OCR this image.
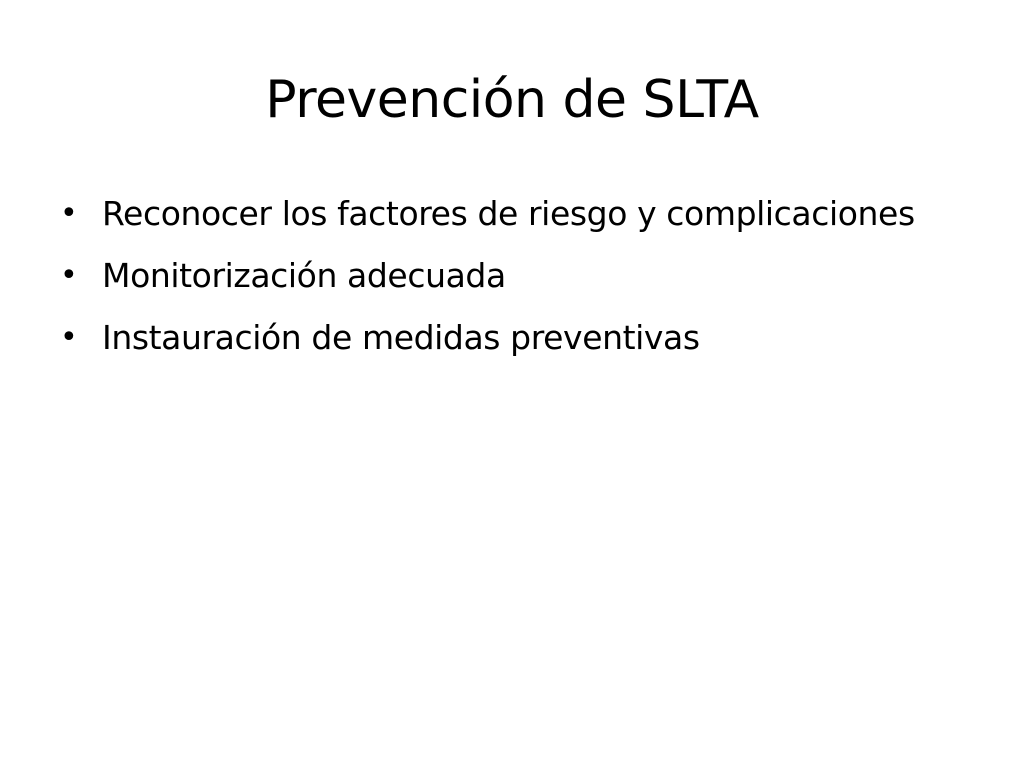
Prevención de SLTA
• Reconocer los factores de riesgo y complicaciones
• Monitorización adecuada
• Instauración de medidas preventivas
